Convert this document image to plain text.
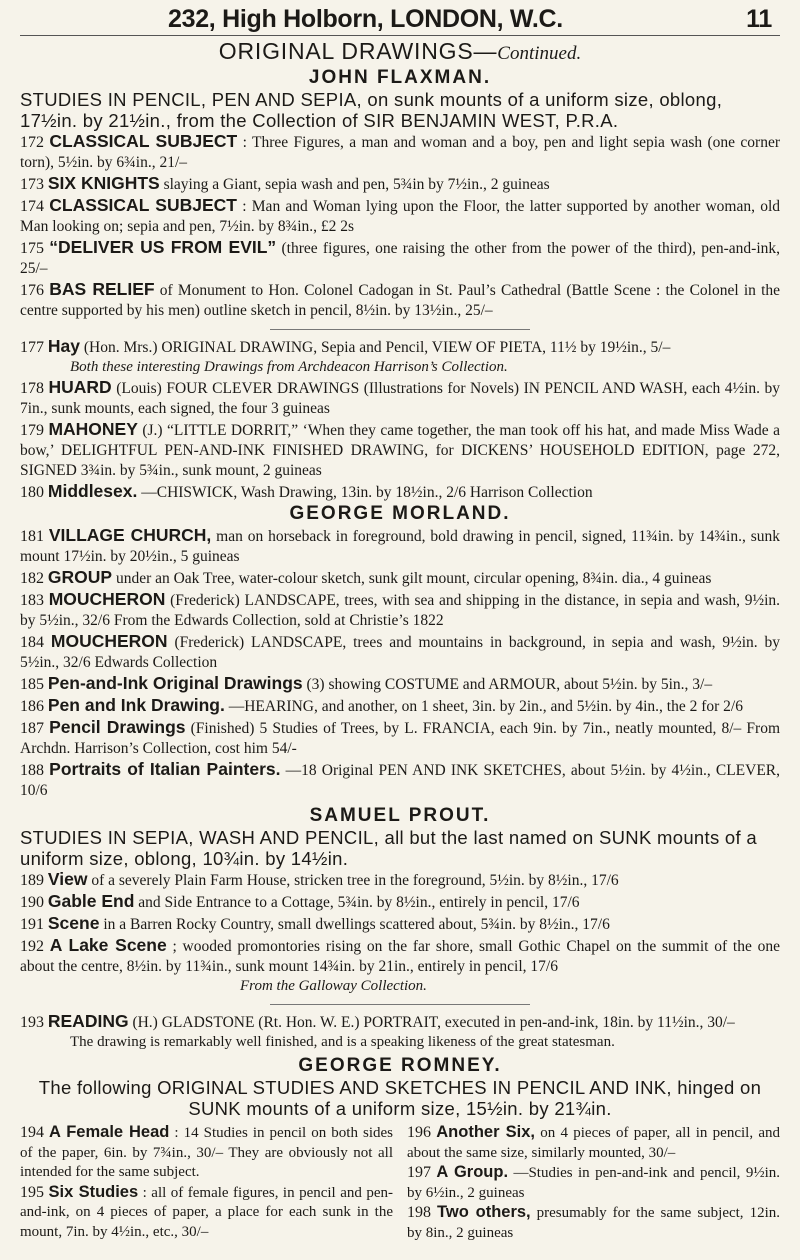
232, High Holborn, LONDON, W.C.	11
ORIGINAL DRAWINGS—Continued.
JOHN FLAXMAN.
STUDIES IN PENCIL, PEN AND SEPIA, on sunk mounts of a uniform size, oblong, 17½in. by 21½in., from the Collection of SIR BENJAMIN WEST, P.R.A.

172 CLASSICAL SUBJECT : Three Figures, a man and woman and a boy, pen and light sepia wash (one corner torn), 5½in. by 6¾in., 21/–

173 SIX KNIGHTS slaying a Giant, sepia wash and pen, 5¾in by 7½in., 2 guineas

174 CLASSICAL SUBJECT : Man and Woman lying upon the Floor, the latter supported by another woman, old Man looking on; sepia and pen, 7½in. by 8¾in., £2 2s

175 “DELIVER US FROM EVIL” (three figures, one raising the other from the power of the third), pen-and-ink, 25/–

176 BAS RELIEF of Monument to Hon. Colonel Cadogan in St. Paul’s Cathedral (Battle Scene : the Colonel in the centre supported by his men) outline sketch in pencil, 8½in. by 13½in., 25/–

177 Hay (Hon. Mrs.) ORIGINAL DRAWING, Sepia and Pencil, VIEW OF PIETA, 11½ by 19½in., 5/–

Both these interesting Drawings from Archdeacon Harrison’s Collection.

178 HUARD (Louis) FOUR CLEVER DRAWINGS (Illustrations for Novels) IN PENCIL AND WASH, each 4½in. by 7in., sunk mounts, each signed, the four 3 guineas

179 MAHONEY (J.) “LITTLE DORRIT,” ‘When they came together, the man took off his hat, and made Miss Wade a bow,’ DELIGHTFUL PEN-AND-INK FINISHED DRAWING, for DICKENS’ HOUSEHOLD EDITION, page 272, SIGNED 3¾in. by 5¾in., sunk mount, 2 guineas

180 Middlesex. —CHISWICK, Wash Drawing, 13in. by 18½in., 2/6 Harrison Collection

GEORGE MORLAND.

181 VILLAGE CHURCH, man on horseback in foreground, bold drawing in pencil, signed, 11¾in. by 14¾in., sunk mount 17½in. by 20½in., 5 guineas

182 GROUP under an Oak Tree, water-colour sketch, sunk gilt mount, circular opening, 8¾in. dia., 4 guineas

183 MOUCHERON (Frederick) LANDSCAPE, trees, with sea and shipping in the distance, in sepia and wash, 9½in. by 5½in., 32/6 From the Edwards Collection, sold at Christie’s 1822

184 MOUCHERON (Frederick) LANDSCAPE, trees and mountains in background, in sepia and wash, 9½in. by 5½in., 32/6 Edwards Collection

185 Pen-and-Ink Original Drawings (3) showing COSTUME and ARMOUR, about 5½in. by 5in., 3/–

186 Pen and Ink Drawing. —HEARING, and another, on 1 sheet, 3in. by 2in., and 5½in. by 4in., the 2 for 2/6

187 Pencil Drawings (Finished) 5 Studies of Trees, by L. FRANCIA, each 9in. by 7in., neatly mounted, 8/– From Archdn. Harrison’s Collection, cost him 54/-

188 Portraits of Italian Painters. —18 Original PEN AND INK SKETCHES, about 5½in. by 4½in., CLEVER, 10/6

SAMUEL PROUT.
STUDIES IN SEPIA, WASH AND PENCIL, all but the last named on SUNK mounts of a uniform size, oblong, 10¾in. by 14½in.

189 View of a severely Plain Farm House, stricken tree in the foreground, 5½in. by 8½in., 17/6

190 Gable End and Side Entrance to a Cottage, 5¾in. by 8½in., entirely in pencil, 17/6

191 Scene in a Barren Rocky Country, small dwellings scattered about, 5¾in. by 8½in., 17/6

192 A Lake Scene ; wooded promontories rising on the far shore, small Gothic Chapel on the summit of the one about the centre, 8½in. by 11¾in., sunk mount 14¾in. by 21in., entirely in pencil, 17/6

From the Galloway Collection.

193 READING (H.) GLADSTONE (Rt. Hon. W. E.) PORTRAIT, executed in pen-and-ink, 18in. by 11½in., 30/–

The drawing is remarkably well finished, and is a speaking likeness of the great statesman.

GEORGE ROMNEY.
The following ORIGINAL STUDIES AND SKETCHES IN PENCIL AND INK, hinged on SUNK mounts of a uniform size, 15½in. by 21¾in.

194 A Female Head : 14 Studies in pencil on both sides of the paper, 6in. by 7¾in., 30/– They are obviously not all intended for the same subject.

195 Six Studies : all of female figures, in pencil and pen-and-ink, on 4 pieces of paper, a place for each sunk in the mount, 7in. by 4½in., etc., 30/–

196 Another Six, on 4 pieces of paper, all in pencil, and about the same size, similarly mounted, 30/–

197 A Group. —Studies in pen-and-ink and pencil, 9½in. by 6½in., 2 guineas

198 Two others, presumably for the same subject, 12in. by 8in., 2 guineas
